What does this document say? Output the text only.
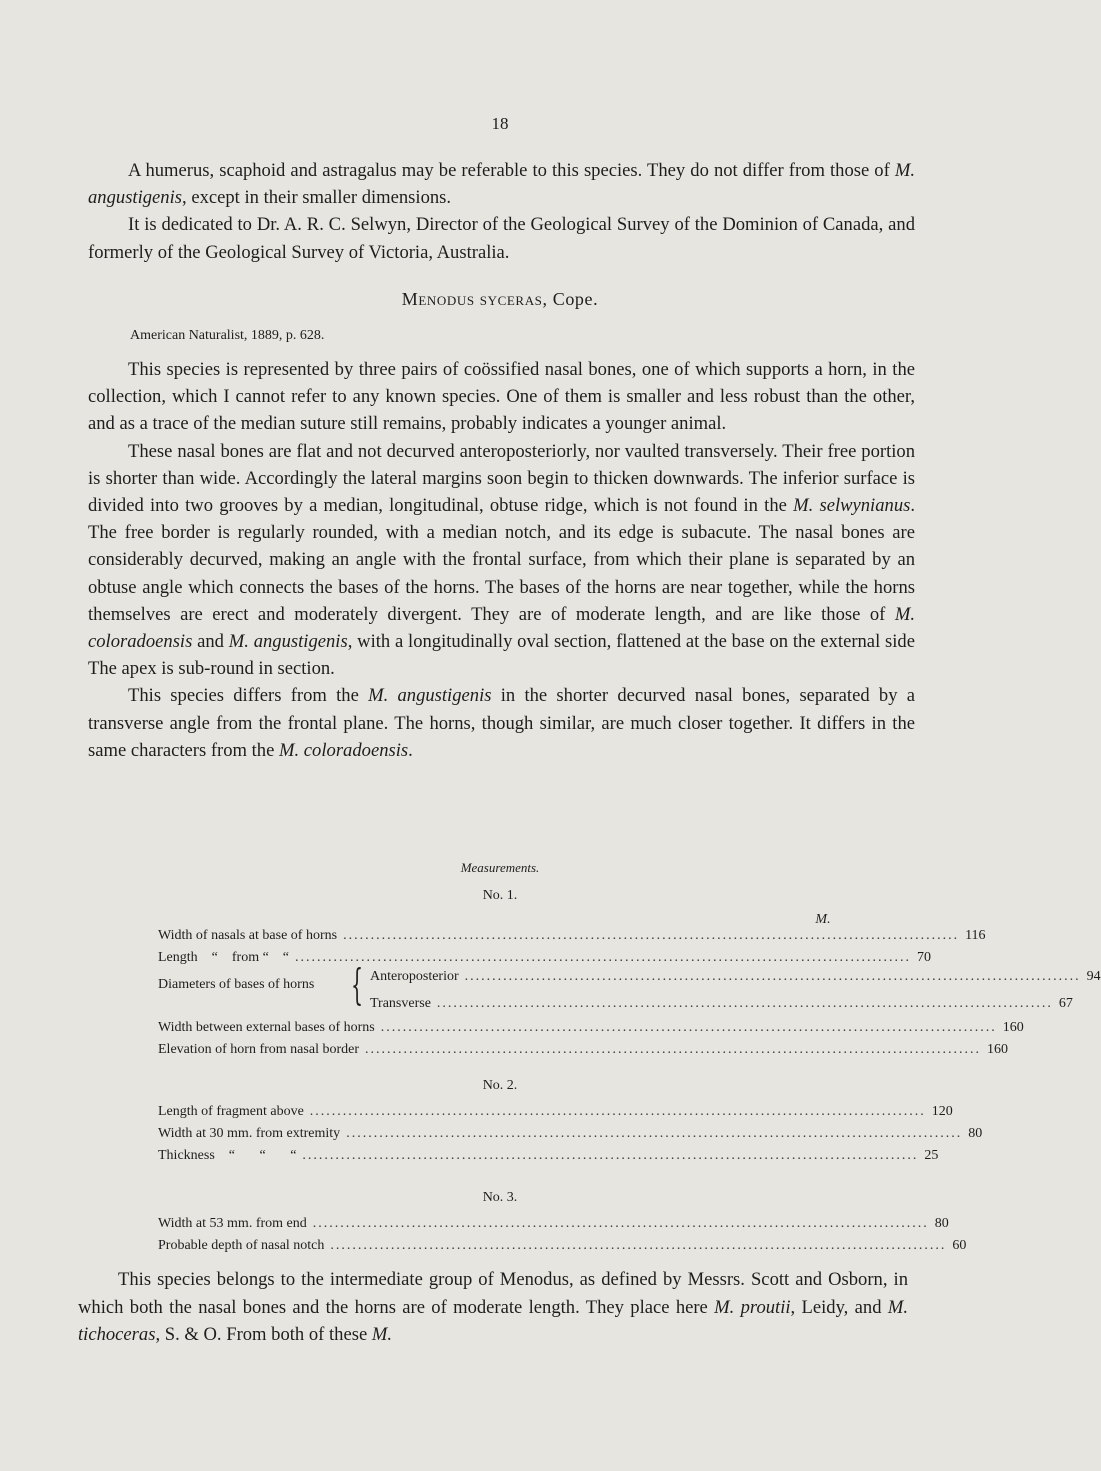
18

A humerus, scaphoid and astragalus may be referable to this species. They do not differ from those of M. angustigenis, except in their smaller dimensions.

It is dedicated to Dr. A. R. C. Selwyn, Director of the Geological Survey of the Dominion of Canada, and formerly of the Geological Survey of Victoria, Australia.

Menodus syceras, Cope.
American Naturalist, 1889, p. 628.

This species is represented by three pairs of coössified nasal bones, one of which supports a horn, in the collection, which I cannot refer to any known species. One of them is smaller and less robust than the other, and as a trace of the median suture still remains, probably indicates a younger animal.

These nasal bones are flat and not decurved anteroposteriorly, nor vaulted transversely. Their free portion is shorter than wide. Accordingly the lateral margins soon begin to thicken downwards. The inferior surface is divided into two grooves by a median, longitudinal, obtuse ridge, which is not found in the M. selwynianus. The free border is regularly rounded, with a median notch, and its edge is subacute. The nasal bones are considerably decurved, making an angle with the frontal surface, from which their plane is separated by an obtuse angle which connects the bases of the horns. The bases of the horns are near together, while the horns themselves are erect and moderately divergent. They are of moderate length, and are like those of M. coloradoensis and M. angustigenis, with a longitudinally oval section, flattened at the base on the external side The apex is sub-round in section.

This species differs from the M. angustigenis in the shorter decurved nasal bones, separated by a transverse angle from the frontal plane. The horns, though similar, are much closer together. It differs in the same characters from the M. coloradoensis.

Measurements.
No. 1.
M.
Width of nasals at base of horns ................................................................................................................ 116
Length    “    from “    “ ................................................................................................................ 70
Diameters of bases of horns { Anteroposterior ................................................................................................................ 94
Transverse ................................................................................................................ 67
Width between external bases of horns ................................................................................................................ 160
Elevation of horn from nasal border ................................................................................................................ 160
No. 2.
Length of fragment above ................................................................................................................ 120
Width at 30 mm. from extremity ................................................................................................................ 80
Thickness    “       “       “ ................................................................................................................ 25
No. 3.
Width at 53 mm. from end ................................................................................................................ 80
Probable depth of nasal notch ................................................................................................................ 60

This species belongs to the intermediate group of Menodus, as defined by Messrs. Scott and Osborn, in which both the nasal bones and the horns are of moderate length. They place here M. proutii, Leidy, and M. tichoceras, S. & O. From both of these M.
